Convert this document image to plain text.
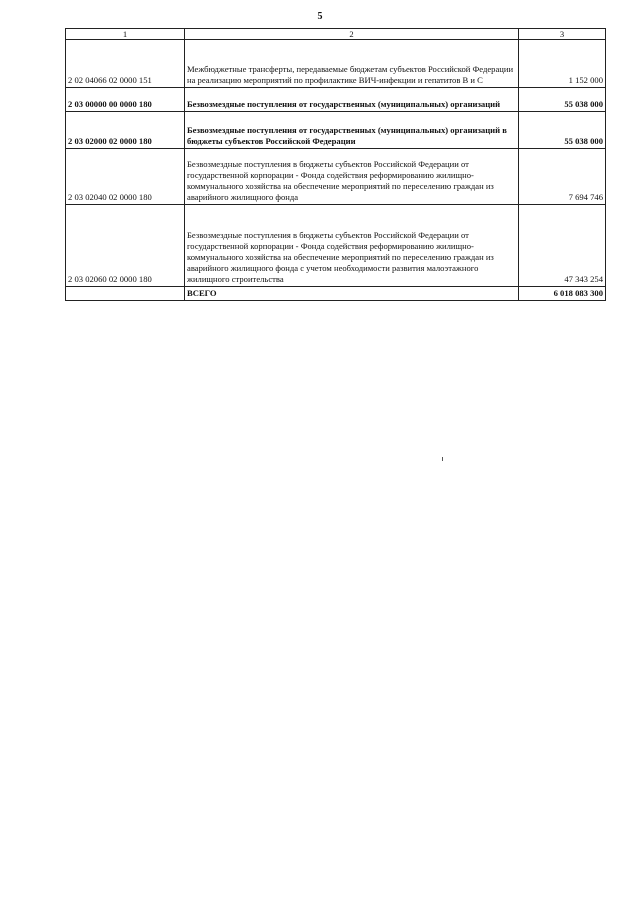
5
1	2	3
2 02 04066 02 0000 151	Межбюджетные трансферты, передаваемые бюджетам субъектов Российской Федерации на реализацию мероприятий по профилактике ВИЧ-инфекции и гепатитов В и С	1 152 000
2 03 00000 00 0000 180	Безвозмездные поступления от государственных (муниципальных) организаций	55 038 000
2 03 02000 02 0000 180	Безвозмездные поступления от государственных (муниципальных) организаций в бюджеты субъектов Российской Федерации	55 038 000
2 03 02040 02 0000 180	Безвозмездные поступления в бюджеты субъектов Российской Федерации от государственной корпорации - Фонда содействия реформированию жилищно-коммунального хозяйства на обеспечение мероприятий по переселению граждан из аварийного жилищного фонда	7 694 746
2 03 02060 02 0000 180	Безвозмездные поступления в бюджеты субъектов Российской Федерации от государственной корпорации - Фонда содействия реформированию жилищно-коммунального хозяйства на обеспечение мероприятий по переселению граждан из аварийного жилищного фонда с учетом необходимости развития малоэтажного жилищного строительства	47 343 254
	ВСЕГО	6 018 083 300
